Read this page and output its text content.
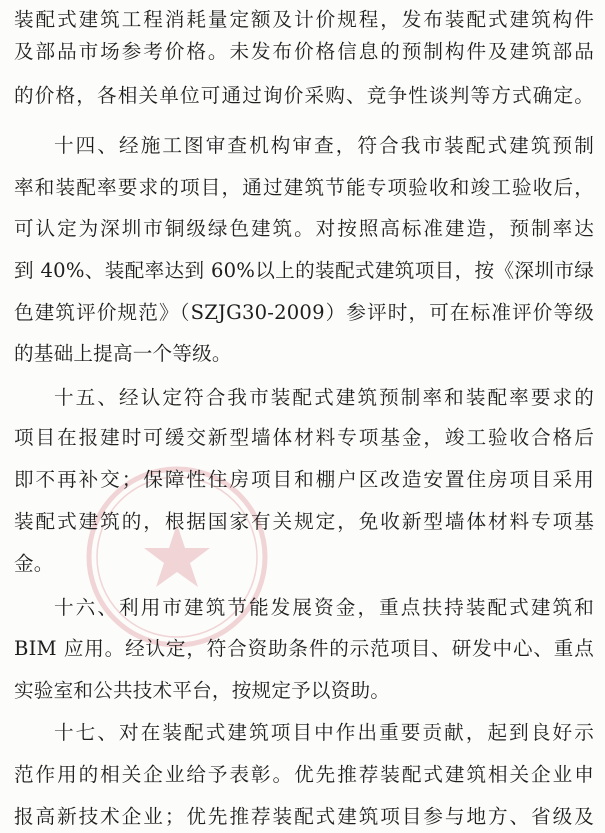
装配式建筑工程消耗量定额及计价规程，发布装配式建筑构件
及部品市场参考价格。未发布价格信息的预制构件及建筑部品
的价格，各相关单位可通过询价采购、竞争性谈判等方式确定。
十四、经施工图审查机构审查，符合我市装配式建筑预制
率和装配率要求的项目，通过建筑节能专项验收和竣工验收后，
可认定为深圳市铜级绿色建筑。对按照高标准建造，预制率达
到 40%、装配率达到 60%以上的装配式建筑项目，按《深圳市绿
色建筑评价规范》（SZJG30-2009）参评时，可在标准评价等级
的基础上提高一个等级。
十五、经认定符合我市装配式建筑预制率和装配率要求的
项目在报建时可缓交新型墙体材料专项基金，竣工验收合格后
即不再补交；保障性住房项目和棚户区改造安置住房项目采用
装配式建筑的，根据国家有关规定，免收新型墙体材料专项基
金。
十六、利用市建筑节能发展资金，重点扶持装配式建筑和
BIM 应用。经认定，符合资助条件的示范项目、研发中心、重点
实验室和公共技术平台，按规定予以资助。
十七、对在装配式建筑项目中作出重要贡献，起到良好示
范作用的相关企业给予表彰。优先推荐装配式建筑相关企业申
报高新技术企业；优先推荐装配式建筑项目参与地方、省级及
